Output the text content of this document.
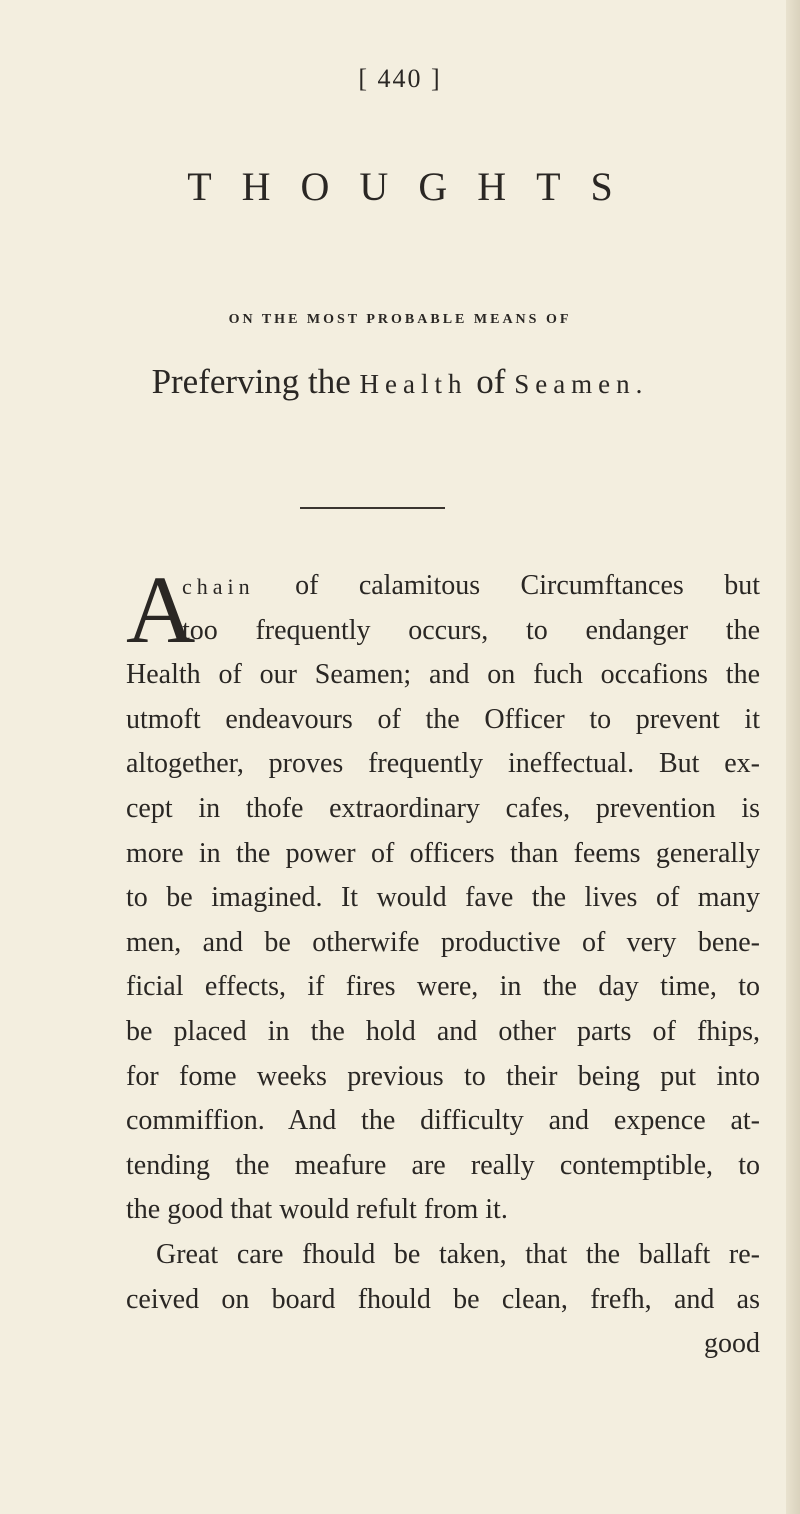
[ 440 ]
THOUGHTS
ON THE MOST PROBABLE MEANS OF
Preferving the Health of Seamen.
A
chain of calamitous Circumftances but
too frequently occurs, to endanger the
Health of our Seamen; and on fuch occafions the
utmoft endeavours of the Officer to prevent it
altogether, proves frequently ineffectual. But ex-
cept in thofe extraordinary cafes, prevention is
more in the power of officers than feems generally
to be imagined. It would fave the lives of many
men, and be otherwife productive of very bene-
ficial effects, if fires were, in the day time, to
be placed in the hold and other parts of fhips,
for fome weeks previous to their being put into
commiffion. And the difficulty and expence at-
tending the meafure are really contemptible, to
the good that would refult from it.
Great care fhould be taken, that the ballaft re-
ceived on board fhould be clean, frefh, and as
good
